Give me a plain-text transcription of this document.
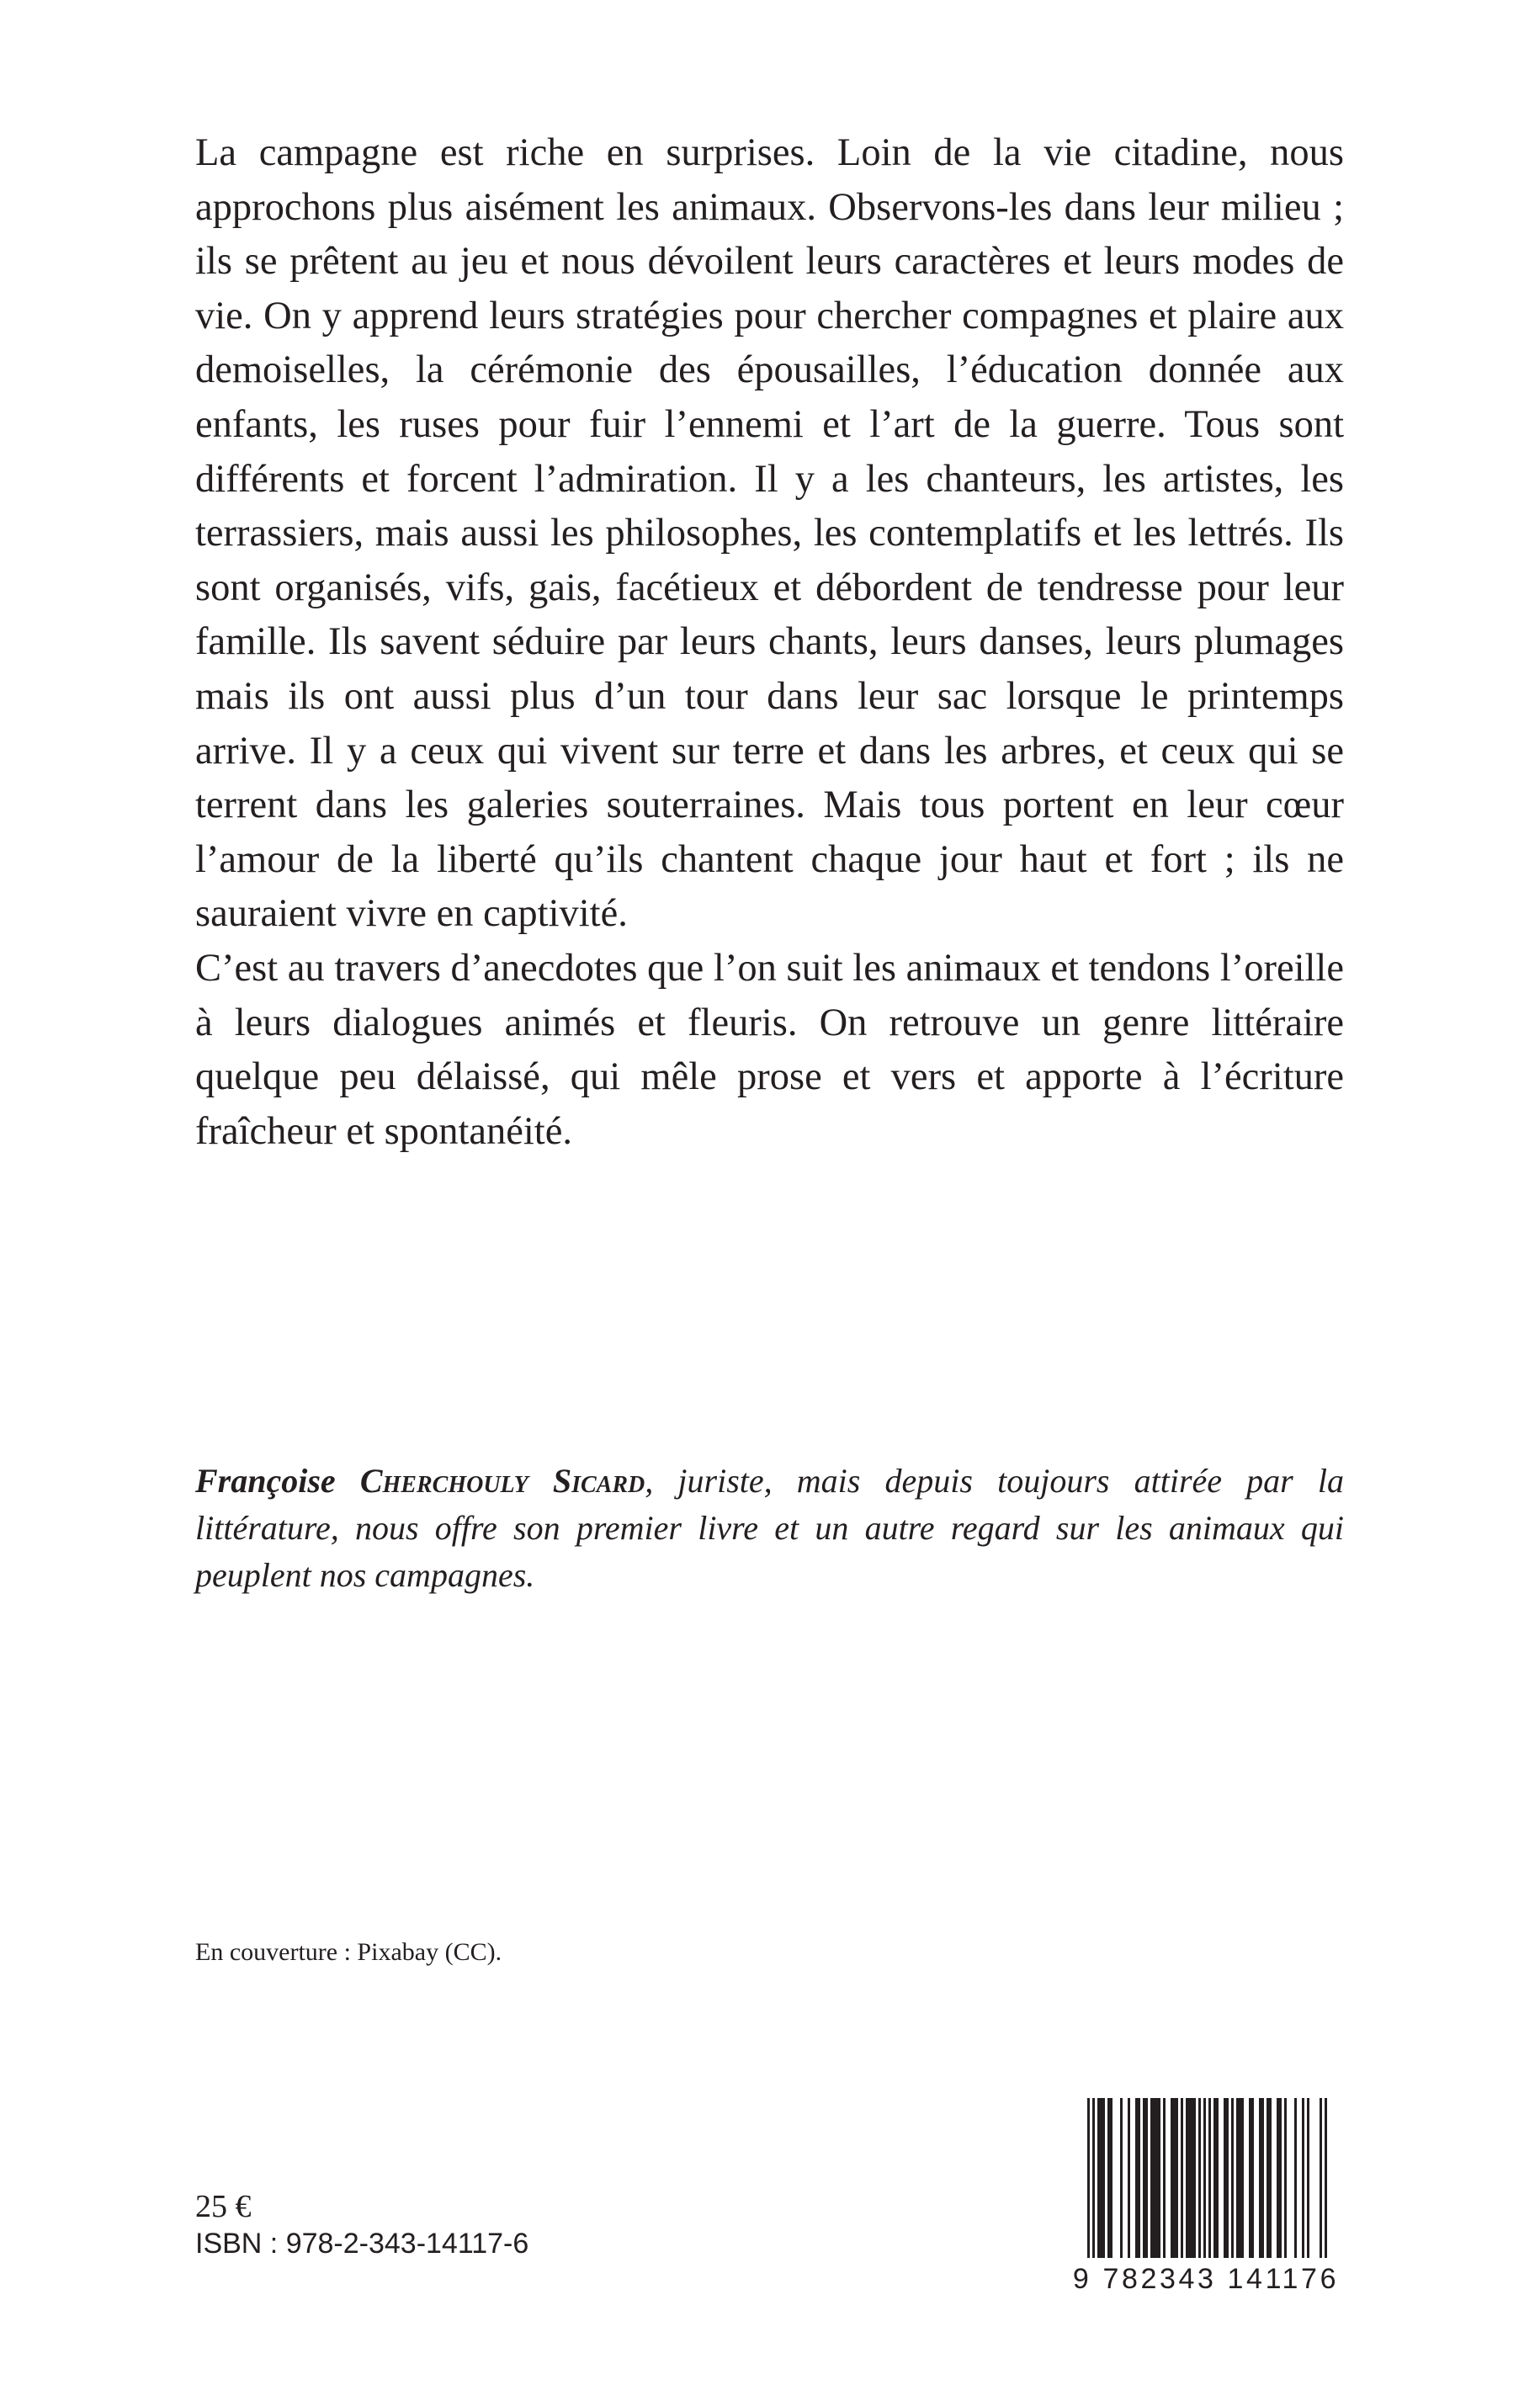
La campagne est riche en surprises. Loin de la vie citadine, nous approchons plus aisément les animaux. Observons-les dans leur milieu ; ils se prêtent au jeu et nous dévoilent leurs caractères et leurs modes de vie. On y apprend leurs stratégies pour chercher compagnes et plaire aux demoiselles, la cérémonie des épousailles, l’éducation donnée aux enfants, les ruses pour fuir l’ennemi et l’art de la guerre. Tous sont différents et forcent l’admiration. Il y a les chanteurs, les artistes, les terrassiers, mais aussi les philosophes, les contemplatifs et les lettrés. Ils sont organisés, vifs, gais, facétieux et débordent de tendresse pour leur famille. Ils savent séduire par leurs chants, leurs danses, leurs plumages mais ils ont aussi plus d’un tour dans leur sac lorsque le printemps arrive. Il y a ceux qui vivent sur terre et dans les arbres, et ceux qui se terrent dans les galeries souterraines. Mais tous portent en leur cœur l’amour de la liberté qu’ils chantent chaque jour haut et fort ; ils ne sauraient vivre en captivité.

C’est au travers d’anecdotes que l’on suit les animaux et tendons l’oreille à leurs dialogues animés et fleuris. On retrouve un genre littéraire quelque peu délaissé, qui mêle prose et vers et apporte à l’écriture fraîcheur et spontanéité.

Françoise Cherchouly Sicard, juriste, mais depuis toujours attirée par la littérature, nous offre son premier livre et un autre regard sur les animaux qui peuplent nos campagnes.
En couverture : Pixabay (CC).
25 €
ISBN : 978-2-343-14117-6
9 782343 141176
